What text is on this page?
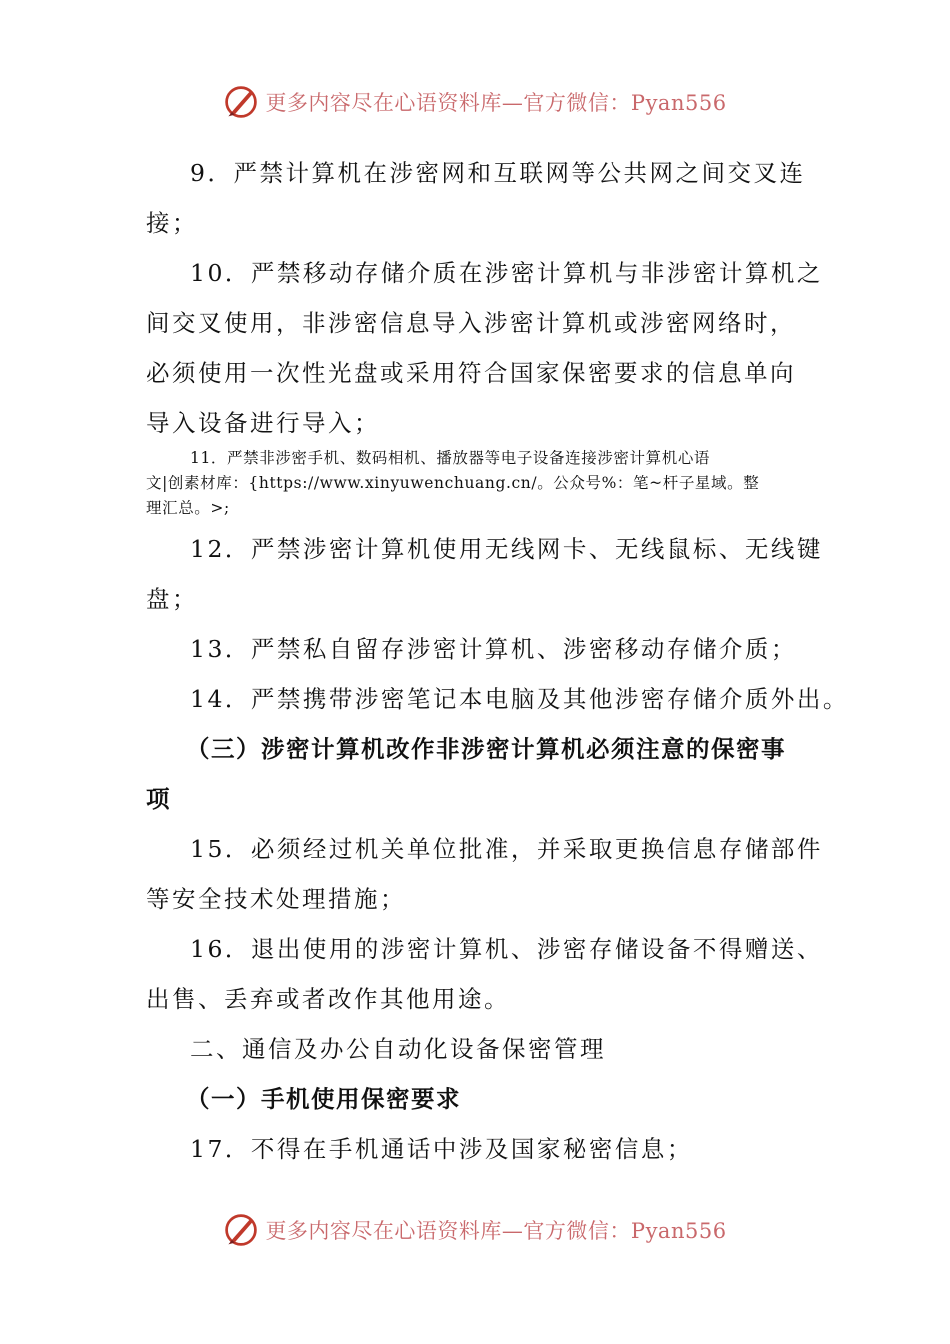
更多内容尽在心语资料库—官方微信：Pyan556
9．严禁计算机在涉密网和互联网等公共网之间交叉连
接；
10．严禁移动存储介质在涉密计算机与非涉密计算机之
间交叉使用，非涉密信息导入涉密计算机或涉密网络时，
必须使用一次性光盘或采用符合国家保密要求的信息单向
导入设备进行导入；
11．严禁非涉密手机、数码相机、播放器等电子设备连接涉密计算机心语
文|创素材库：{https://www.xinyuwenchuang.cn/。公众号%：笔~杆子星域。整
理汇总。>;
12．严禁涉密计算机使用无线网卡、无线鼠标、无线键
盘；
13．严禁私自留存涉密计算机、涉密移动存储介质；
14．严禁携带涉密笔记本电脑及其他涉密存储介质外出。
（三）涉密计算机改作非涉密计算机必须注意的保密事
项
15．必须经过机关单位批准，并采取更换信息存储部件
等安全技术处理措施；
16．退出使用的涉密计算机、涉密存储设备不得赠送、
出售、丢弃或者改作其他用途。
二、通信及办公自动化设备保密管理
（一）手机使用保密要求
17．不得在手机通话中涉及国家秘密信息；
更多内容尽在心语资料库—官方微信：Pyan556
